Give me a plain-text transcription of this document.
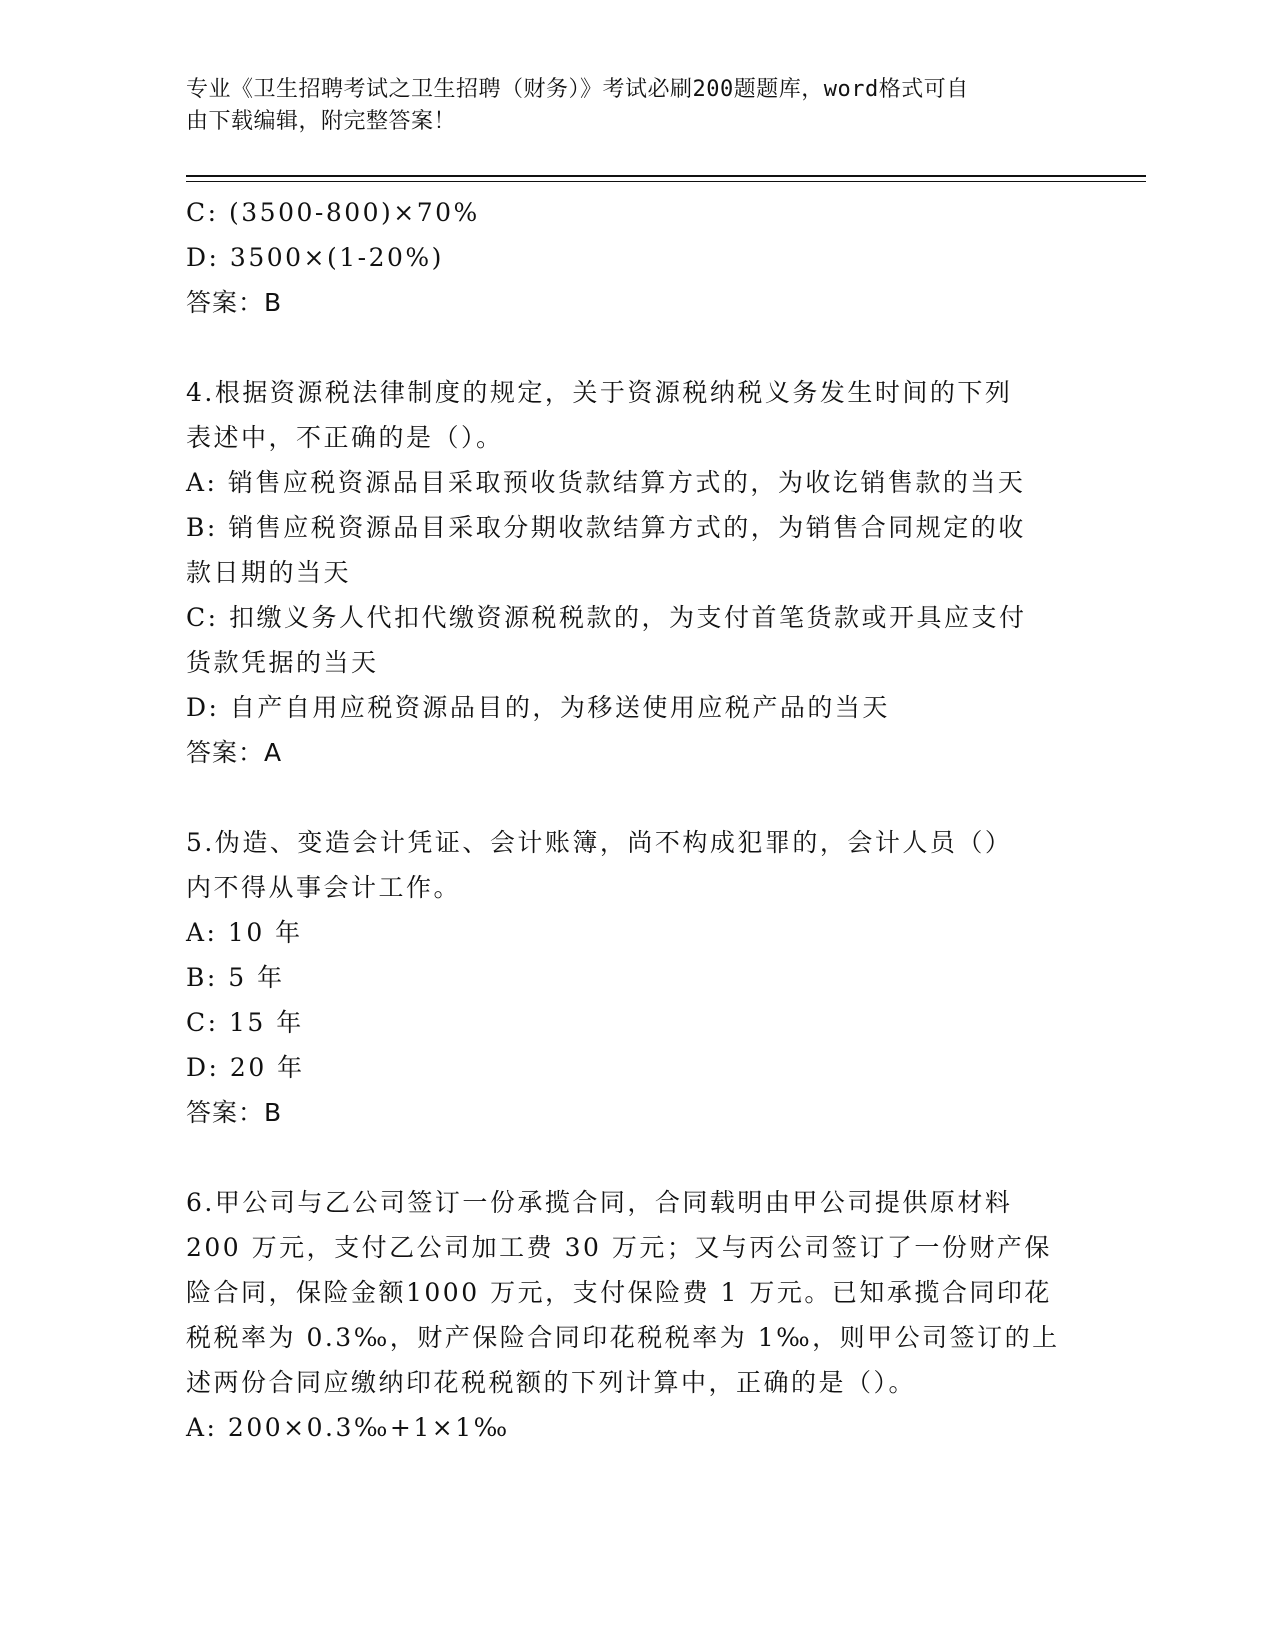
专业《卫生招聘考试之卫生招聘（财务）》考试必刷200题题库，word格式可自
由下载编辑，附完整答案！
C: (3500-800)×70%
D: 3500×(1-20%)
答案：B
4.根据资源税法律制度的规定，关于资源税纳税义务发生时间的下列
表述中，不正确的是（）。
A: 销售应税资源品目采取预收货款结算方式的，为收讫销售款的当天
B: 销售应税资源品目采取分期收款结算方式的，为销售合同规定的收
款日期的当天
C: 扣缴义务人代扣代缴资源税税款的，为支付首笔货款或开具应支付
货款凭据的当天
D: 自产自用应税资源品目的，为移送使用应税产品的当天
答案：A
5.伪造、变造会计凭证、会计账簿，尚不构成犯罪的，会计人员（）
内不得从事会计工作。
A: 10 年
B: 5 年
C: 15 年
D: 20 年
答案：B
6.甲公司与乙公司签订一份承揽合同，合同载明由甲公司提供原材料
200 万元，支付乙公司加工费 30 万元；又与丙公司签订了一份财产保
险合同，保险金额1000 万元，支付保险费 1 万元。已知承揽合同印花
税税率为 0.3‰，财产保险合同印花税税率为 1‰，则甲公司签订的上
述两份合同应缴纳印花税税额的下列计算中，正确的是（）。
A: 200×0.3‰+1×1‰
